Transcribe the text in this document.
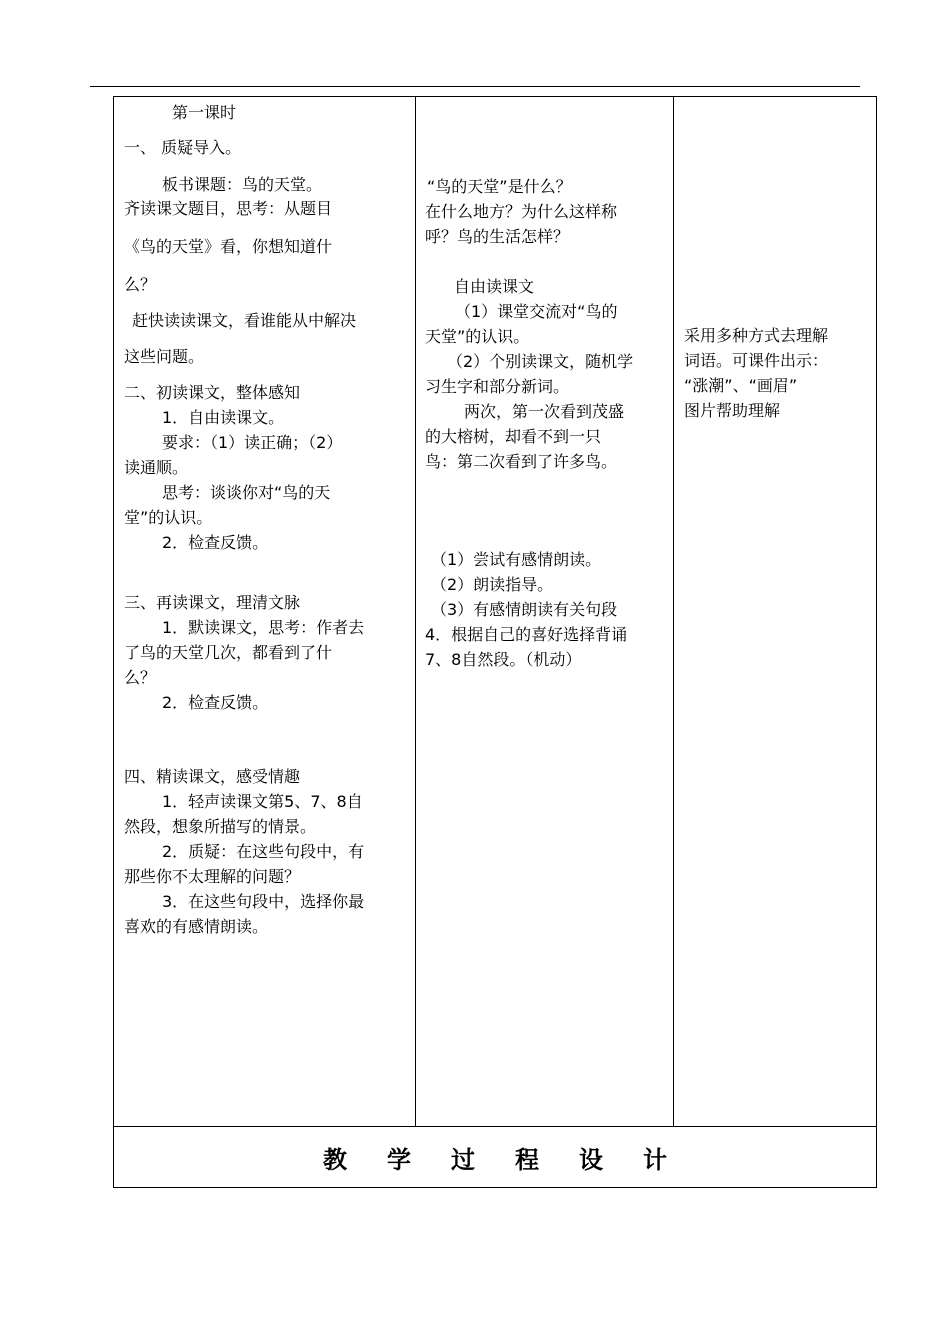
第一课时
一、 质疑导入。
板书课题：鸟的天堂。
齐读课文题目，思考：从题目
《鸟的天堂》看，你想知道什
么？
赶快读读课文，看谁能从中解决
这些问题。
二、初读课文，整体感知
1．自由读课文。
要求：（1）读正确；（2）
读通顺。
思考：谈谈你对“鸟的天
堂”的认识。
2．检查反馈。
三、再读课文，理清文脉
1．默读课文，思考：作者去
了鸟的天堂几次，都看到了什
么？
2．检查反馈。
四、精读课文，感受情趣
1．轻声读课文第5、7、8自
然段，想象所描写的情景。
2．质疑：在这些句段中，有
那些你不太理解的问题？
3．在这些句段中，选择你最
喜欢的有感情朗读。
“鸟的天堂”是什么？
在什么地方？为什么这样称
呼？鸟的生活怎样？
自由读课文
（1）课堂交流对“鸟的
天堂”的认识。
（2）个别读课文，随机学
习生字和部分新词。
两次，第一次看到茂盛
的大榕树，却看不到一只
鸟：第二次看到了许多鸟。
（1）尝试有感情朗读。
（2）朗读指导。
（3）有感情朗读有关句段
4．根据自己的喜好选择背诵
7、8自然段。（机动）
采用多种方式去理解
词语。可课件出示：
“涨潮”、“画眉”
图片帮助理解
教学过程设计
